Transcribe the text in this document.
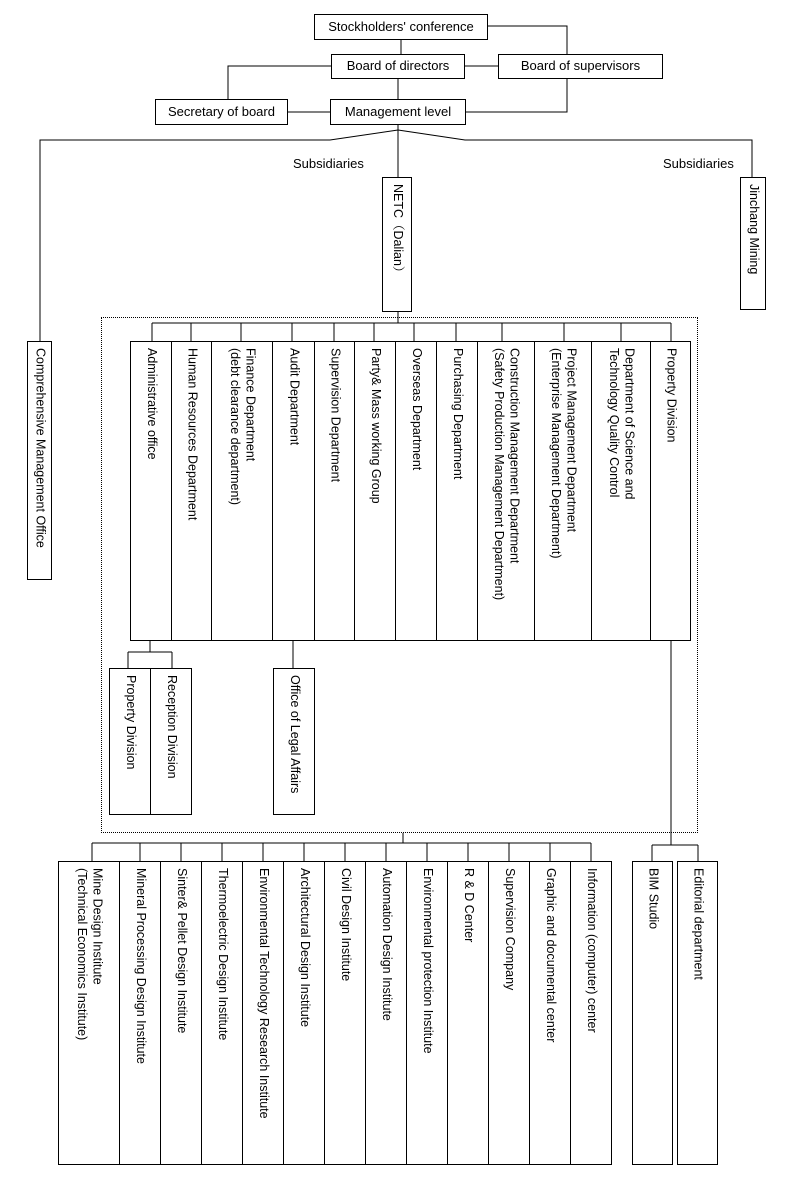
Stockholders' conference
Board of directors	Board of supervisors
Secretary of board	Management level
Subsidiaries	Subsidiaries
NETC（Dalian）	Jinchang Mining
Comprehensive Management Office	Administrative office Human Resources Department	Finance Department
(debt clearance department)
Audit Department Supervision Department Party& Mass working Group Overseas Department Purchasing Department	Construction Management Department
(Safety Production Management Department)
Project Management Department
(Enterprise Management Department)
Department of Science and
Technology Quality Control
Property Division
Property Division Reception Division	Office of Legal Affairs
Mine Design Institute
(Technical Economics Institute)	Mineral Processing Design Institute Sinter& Pellet Design Institute Thermoelectric Design Institute Environmental Technology Research Institute Architectural Design Institute Civil Design Institute Automation Design Institute Environmental protection Institute R & D Center Supervision Company Graphic and documental center Information (computer) center	BIM Studio Editorial department
